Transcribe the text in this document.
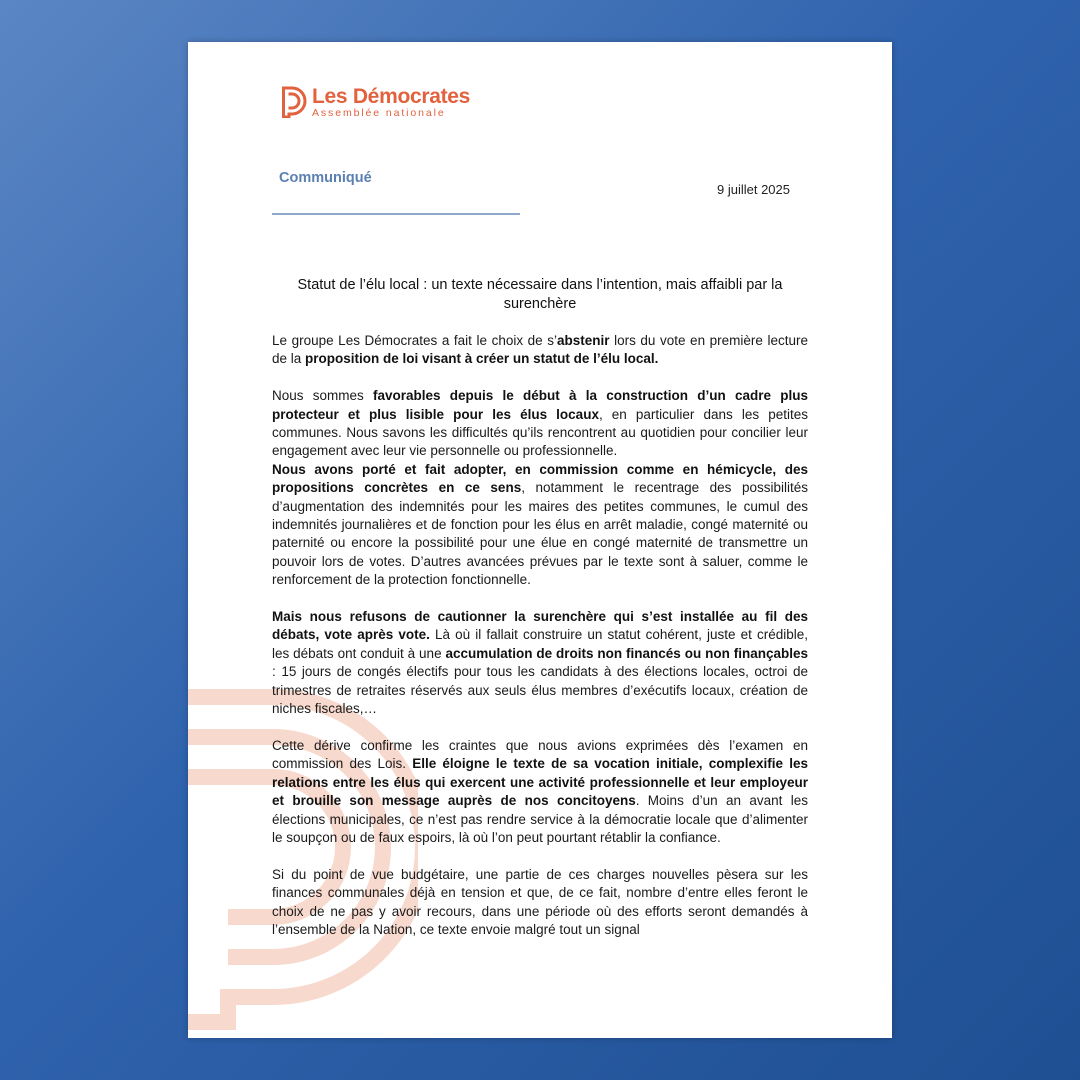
Les Démocrates
Assemblée nationale
Communiqué
9 juillet 2025
Statut de l’élu local : un texte nécessaire dans l’intention, mais affaibli par la surenchère

Le groupe Les Démocrates a fait le choix de s’abstenir lors du vote en première lecture de la proposition de loi visant à créer un statut de l’élu local.

Nous sommes favorables depuis le début à la construction d’un cadre plus protecteur et plus lisible pour les élus locaux, en particulier dans les petites communes. Nous savons les difficultés qu’ils rencontrent au quotidien pour concilier leur engagement avec leur vie personnelle ou professionnelle.

Nous avons porté et fait adopter, en commission comme en hémicycle, des propositions concrètes en ce sens, notamment le recentrage des possibilités d’augmentation des indemnités pour les maires des petites communes, le cumul des indemnités journalières et de fonction pour les élus en arrêt maladie, congé maternité ou paternité ou encore la possibilité pour une élue en congé maternité de transmettre un pouvoir lors de votes. D’autres avancées prévues par le texte sont à saluer, comme le renforcement de la protection fonctionnelle.

Mais nous refusons de cautionner la surenchère qui s’est installée au fil des débats, vote après vote. Là où il fallait construire un statut cohérent, juste et crédible, les débats ont conduit à une accumulation de droits non financés ou non finançables : 15 jours de congés électifs pour tous les candidats à des élections locales, octroi de trimestres de retraites réservés aux seuls élus membres d’exécutifs locaux, création de niches fiscales,…

Cette dérive confirme les craintes que nous avions exprimées dès l’examen en commission des Lois. Elle éloigne le texte de sa vocation initiale, complexifie les relations entre les élus qui exercent une activité professionnelle et leur employeur et brouille son message auprès de nos concitoyens. Moins d’un an avant les élections municipales, ce n’est pas rendre service à la démocratie locale que d’alimenter le soupçon ou de faux espoirs, là où l’on peut pourtant rétablir la confiance.

Si du point de vue budgétaire, une partie de ces charges nouvelles pèsera sur les finances communales déjà en tension et que, de ce fait, nombre d’entre elles feront le choix de ne pas y avoir recours, dans une période où des efforts seront demandés à l’ensemble de la Nation, ce texte envoie malgré tout un signal
